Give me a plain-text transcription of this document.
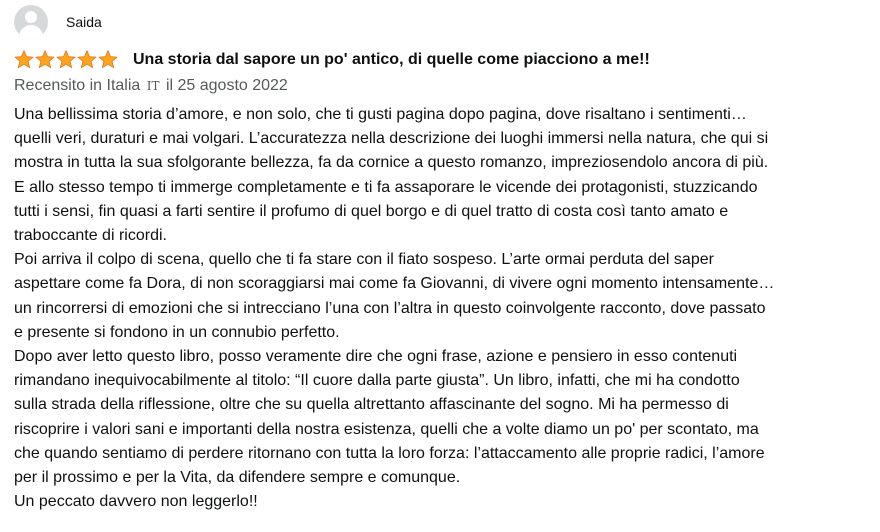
Saida
Una storia dal sapore un po' antico, di quelle come piacciono a me!!
Recensito in Italia IT il 25 agosto 2022

Una bellissima storia d’amore, e non solo, che ti gusti pagina dopo pagina, dove risaltano i sentimenti…

quelli veri, duraturi e mai volgari. L’accuratezza nella descrizione dei luoghi immersi nella natura, che qui si

mostra in tutta la sua sfolgorante bellezza, fa da cornice a questo romanzo, impreziosendolo ancora di più.

E allo stesso tempo ti immerge completamente e ti fa assaporare le vicende dei protagonisti, stuzzicando

tutti i sensi, fin quasi a farti sentire il profumo di quel borgo e di quel tratto di costa così tanto amato e

traboccante di ricordi.

Poi arriva il colpo di scena, quello che ti fa stare con il fiato sospeso. L’arte ormai perduta del saper

aspettare come fa Dora, di non scoraggiarsi mai come fa Giovanni, di vivere ogni momento intensamente…

un rincorrersi di emozioni che si intrecciano l’una con l’altra in questo coinvolgente racconto, dove passato

e presente si fondono in un connubio perfetto.

Dopo aver letto questo libro, posso veramente dire che ogni frase, azione e pensiero in esso contenuti

rimandano inequivocabilmente al titolo: “Il cuore dalla parte giusta”. Un libro, infatti, che mi ha condotto

sulla strada della riflessione, oltre che su quella altrettanto affascinante del sogno. Mi ha permesso di

riscoprire i valori sani e importanti della nostra esistenza, quelli che a volte diamo un po' per scontato, ma

che quando sentiamo di perdere ritornano con tutta la loro forza: l’attaccamento alle proprie radici, l’amore

per il prossimo e per la Vita, da difendere sempre e comunque.

Un peccato davvero non leggerlo!!
